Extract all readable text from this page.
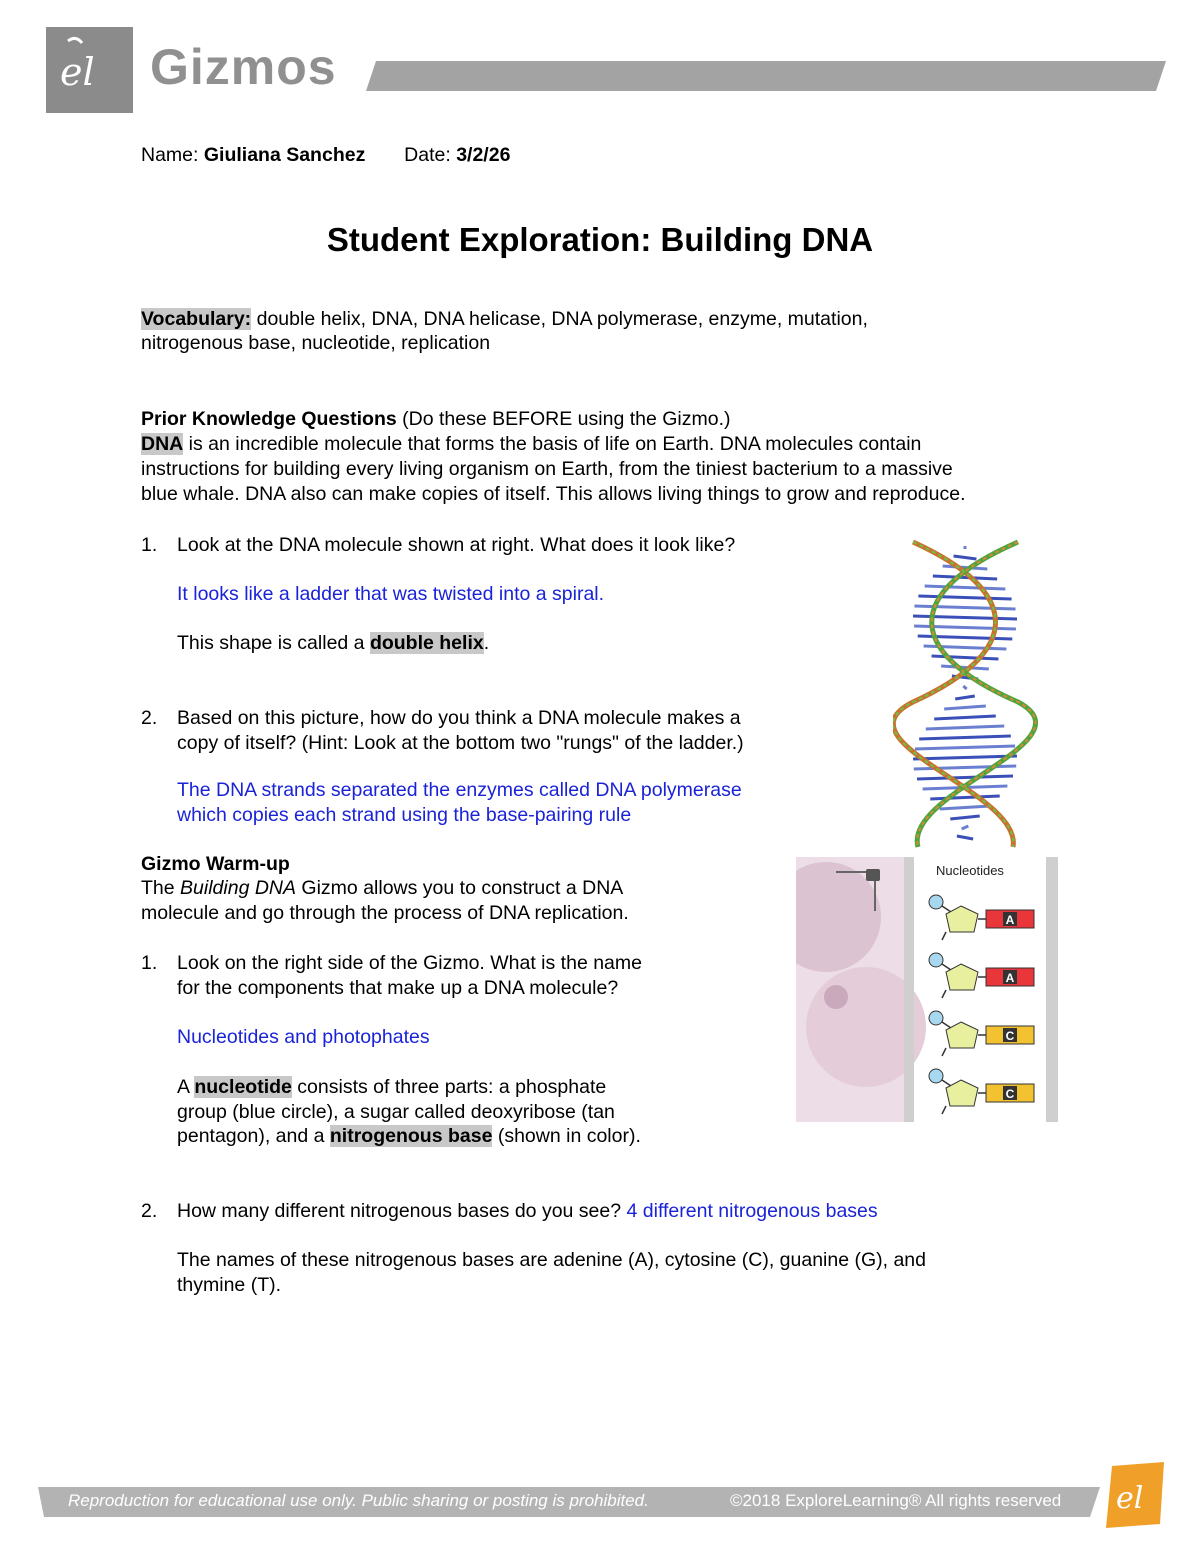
el Gizmos
Name: Giuliana Sanchez Date: 3/2/26
Student Exploration: Building DNA
Vocabulary: double helix, DNA, DNA helicase, DNA polymerase, enzyme, mutation,
nitrogenous base, nucleotide, replication
Prior Knowledge Questions (Do these BEFORE using the Gizmo.)
DNA is an incredible molecule that forms the basis of life on Earth. DNA molecules contain
instructions for building every living organism on Earth, from the tiniest bacterium to a massive
blue whale. DNA also can make copies of itself. This allows living things to grow and reproduce.
1. Look at the DNA molecule shown at right. What does it look like?
It looks like a ladder that was twisted into a spiral.
This shape is called a double helix.
2. Based on this picture, how do you think a DNA molecule makes a
copy of itself? (Hint: Look at the bottom two "rungs" of the ladder.)
The DNA strands separated the enzymes called DNA polymerase
which copies each strand using the base-pairing rule
Gizmo Warm-up
The Building DNA Gizmo allows you to construct a DNA
molecule and go through the process of DNA replication.
1. Look on the right side of the Gizmo. What is the name
for the components that make up a DNA molecule?
Nucleotides and photophates
A nucleotide consists of three parts: a phosphate
group (blue circle), a sugar called deoxyribose (tan
pentagon), and a nitrogenous base (shown in color).
2. How many different nitrogenous bases do you see? 4 different nitrogenous bases
The names of these nitrogenous bases are adenine (A), cytosine (C), guanine (G), and
thymine (T).
Nucleotides
A
A
C
C
Reproduction for educational use only. Public sharing or posting is prohibited.	©2018 ExploreLearning® All rights reserved el
